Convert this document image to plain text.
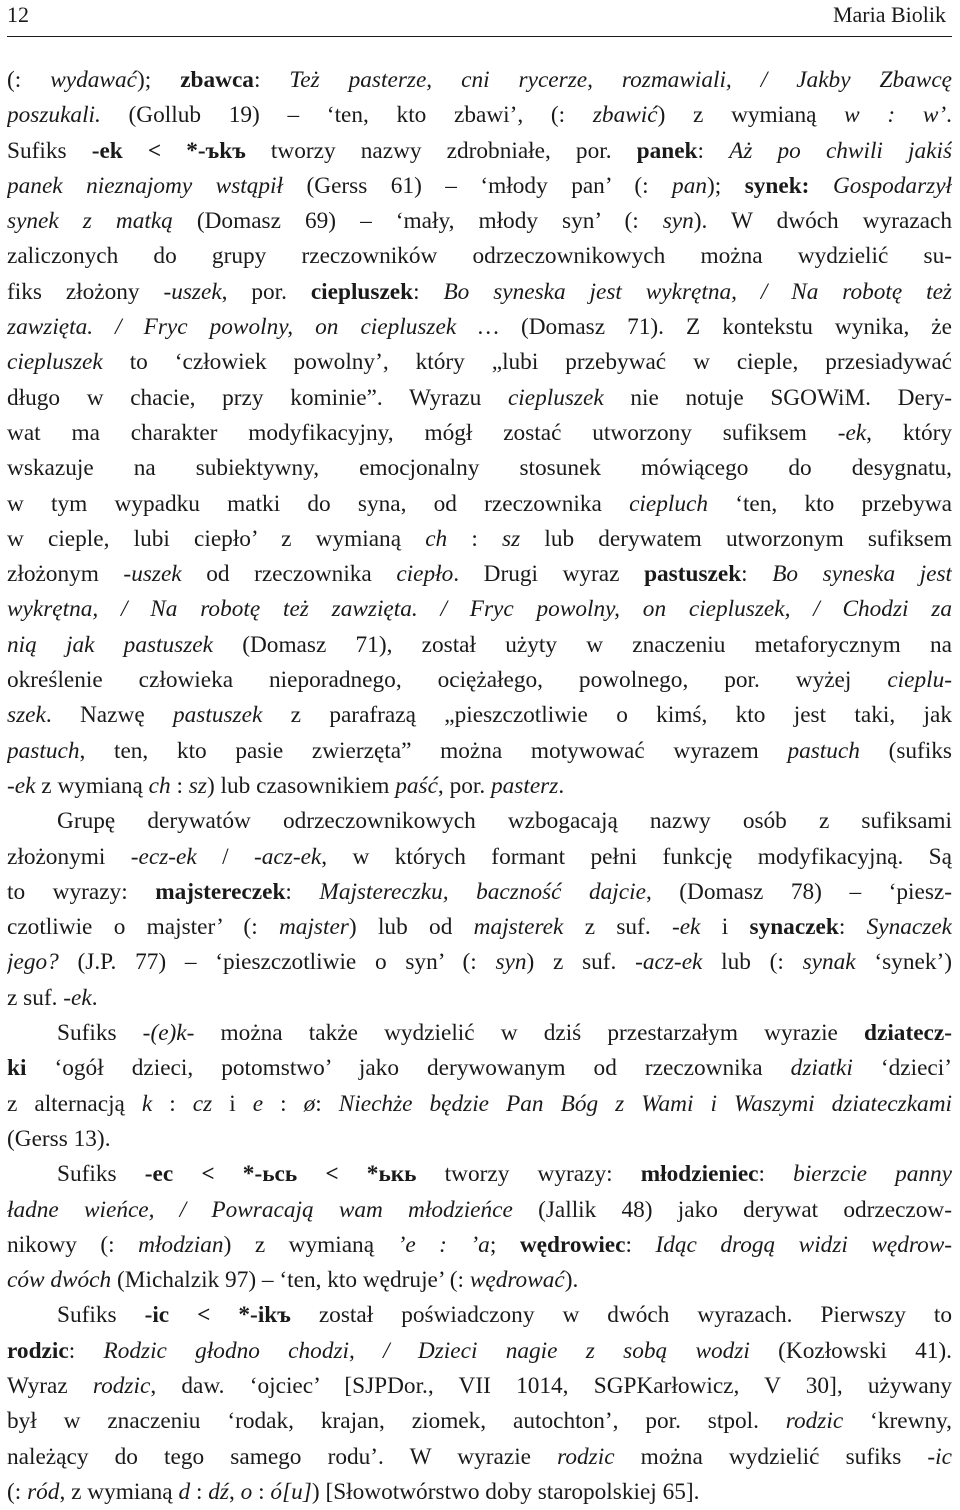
12	Maria Biolik
(: wydawać); zbawca: Też pasterze, cni rycerze, rozmawiali, / Jakby Zbawcę
poszukali. (Gollub 19) – ‘ten, kto zbawi’, (: zbawić) z wymianą w : w’.
Sufiks -ek < *-ъkъ tworzy nazwy zdrobniałe, por. panek: Aż po chwili jakiś
panek nieznajomy wstąpił (Gerss 61) – ‘młody pan’ (: pan); synek: Gospodarzył
synek z matką (Domasz 69) – ‘mały, młody syn’ (: syn). W dwóch wyrazach
zaliczonych do grupy rzeczowników odrzeczownikowych można wydzielić su-
fiks złożony -uszek, por. ciepluszek: Bo syneska jest wykrętna, / Na robotę też
zawzięta. / Fryc powolny, on ciepluszek … (Domasz 71). Z kontekstu wynika, że
ciepluszek to ‘człowiek powolny’, który „lubi przebywać w cieple, przesiadywać
długo w chacie, przy kominie”. Wyrazu ciepluszek nie notuje SGOWiM. Dery-
wat ma charakter modyfikacyjny, mógł zostać utworzony sufiksem -ek, który
wskazuje na subiektywny, emocjonalny stosunek mówiącego do desygnatu,
w tym wypadku matki do syna, od rzeczownika ciepluch ‘ten, kto przebywa
w cieple, lubi ciepło’ z wymianą ch : sz lub derywatem utworzonym sufiksem
złożonym -uszek od rzeczownika ciepło. Drugi wyraz pastuszek: Bo syneska jest
wykrętna, / Na robotę też zawzięta. / Fryc powolny, on ciepluszek, / Chodzi za
nią jak pastuszek (Domasz 71), został użyty w znaczeniu metaforycznym na
określenie człowieka nieporadnego, ociężałego, powolnego, por. wyżej cieplu-
szek. Nazwę pastuszek z parafrazą „pieszczotliwie o kimś, kto jest taki, jak
pastuch, ten, kto pasie zwierzęta” można motywować wyrazem pastuch (sufiks
-ek z wymianą ch : sz) lub czasownikiem paść, por. pasterz.
Grupę derywatów odrzeczownikowych wzbogacają nazwy osób z sufiksami
złożonymi -ecz-ek / -acz-ek, w których formant pełni funkcję modyfikacyjną. Są
to wyrazy: majstereczek: Majstereczku, baczność dajcie, (Domasz 78) – ‘piesz-
czotliwie o majster’ (: majster) lub od majsterek z suf. -ek i synaczek: Synaczek
jego? (J.P. 77) – ‘pieszczotliwie o syn’ (: syn) z suf. -acz-ek lub (: synak ‘synek’)
z suf. -ek.
Sufiks -(e)k- można także wydzielić w dziś przestarzałym wyrazie dziatecz-
ki ‘ogół dzieci, potomstwo’ jako derywowanym od rzeczownika dziatki ‘dzieci’
z alternacją k : cz i e : ø: Niechże będzie Pan Bóg z Wami i Waszymi dziateczkami
(Gerss 13).
Sufiks -ec < *-ьcь < *ькь tworzy wyrazy: młodzieniec: bierzcie panny
ładne wieńce, / Powracają wam młodzieńce (Jallik 48) jako derywat odrzeczow-
nikowy (: młodzian) z wymianą ’e : ’a; wędrowiec: Idąc drogą widzi wędrow-
ców dwóch (Michalzik 97) – ‘ten, kto wędruje’ (: wędrować).
Sufiks -ic < *-ikъ został poświadczony w dwóch wyrazach. Pierwszy to
rodzic: Rodzic głodno chodzi, / Dzieci nagie z sobą wodzi (Kozłowski 41).
Wyraz rodzic, daw. ‘ojciec’ [SJPDor., VII 1014, SGPKarłowicz, V 30], używany
był w znaczeniu ‘rodak, krajan, ziomek, autochton’, por. stpol. rodzic ‘krewny,
należący do tego samego rodu’. W wyrazie rodzic można wydzielić sufiks -ic
(: ród, z wymianą d : dź, o : ó[u]) [Słowotwórstwo doby staropolskiej 65].
